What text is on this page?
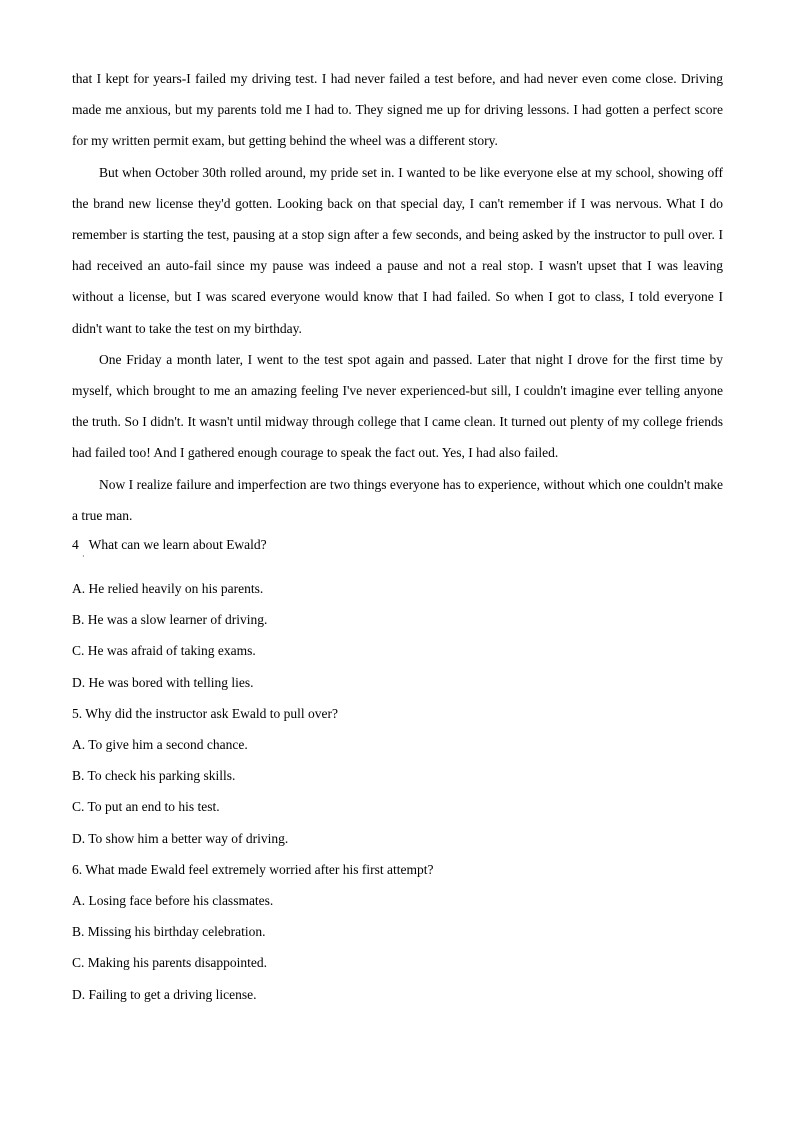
that I kept for years-I failed my driving test. I had never failed a test before, and had never even come close. Driving made me anxious, but my parents told me I had to. They signed me up for driving lessons. I had gotten a perfect score for my written permit exam, but getting behind the wheel was a different story.

But when October 30th rolled around, my pride set in. I wanted to be like everyone else at my school, showing off the brand new license they'd gotten. Looking back on that special day, I can't remember if I was nervous. What I do remember is starting the test, pausing at a stop sign after a few seconds, and being asked by the instructor to pull over. I had received an auto-fail since my pause was indeed a pause and not a real stop. I wasn't upset that I was leaving without a license, but I was scared everyone would know that I had failed. So when I got to class, I told everyone I didn't want to take the test on my birthday.

One Friday a month later, I went to the test spot again and passed. Later that night I drove for the first time by myself, which brought to me an amazing feeling I've never experienced-but sill, I couldn't imagine ever telling anyone the truth. So I didn't. It wasn't until midway through college that I came clean. It turned out plenty of my college friends had failed too! And I gathered enough courage to speak the fact out. Yes, I had also failed.

Now I realize failure and imperfection are two things everyone has to experience, without which one couldn't make a true man.

4   What can we learn about Ewald?

·

A. He relied heavily on his parents.

B. He was a slow learner of driving.

C. He was afraid of taking exams.

D. He was bored with telling lies.

5. Why did the instructor ask Ewald to pull over?

A. To give him a second chance.

B. To check his parking skills.

C. To put an end to his test.

D. To show him a better way of driving.

6. What made Ewald feel extremely worried after his first attempt?

A. Losing face before his classmates.

B. Missing his birthday celebration.

C. Making his parents disappointed.

D. Failing to get a driving license.
